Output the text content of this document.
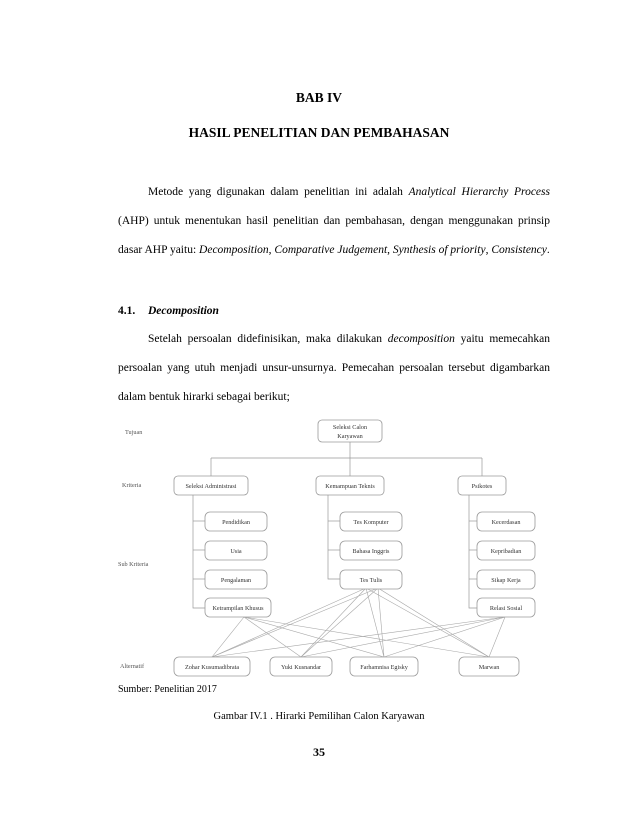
BAB IV
HASIL PENELITIAN DAN PEMBAHASAN
Metode yang digunakan dalam penelitian ini adalah Analytical Hierarchy Process (AHP) untuk menentukan hasil penelitian dan pembahasan, dengan menggunakan prinsip dasar AHP yaitu: Decomposition, Comparative Judgement, Synthesis of priority, Consistency.
4.1. Decomposition
Setelah persoalan didefinisikan, maka dilakukan decomposition yaitu memecahkan persoalan yang utuh menjadi unsur-unsurnya. Pemecahan persoalan tersebut digambarkan dalam bentuk hirarki sebagai berikut;
Tujuan
Kriteria
Sub Kriteria
Alternatif
Seleksi Calon
Karyawan
Seleksi Administrasi	Kemampuan Teknis	Psikotes
Pendidikan
Usia
Pengalaman
Ketrampilan Khusus
Tes Komputer
Bahasa Inggris
Tes Tulis
Kecerdasan
Kepribadian
Sikap Kerja
Relasi Sosial
Zohar Kusumadibrata	Yuki Kusnandar	Farhamnisa Egisky	Marwan
Sumber: Penelitian 2017
Gambar IV.1 . Hirarki Pemilihan Calon Karyawan
35
